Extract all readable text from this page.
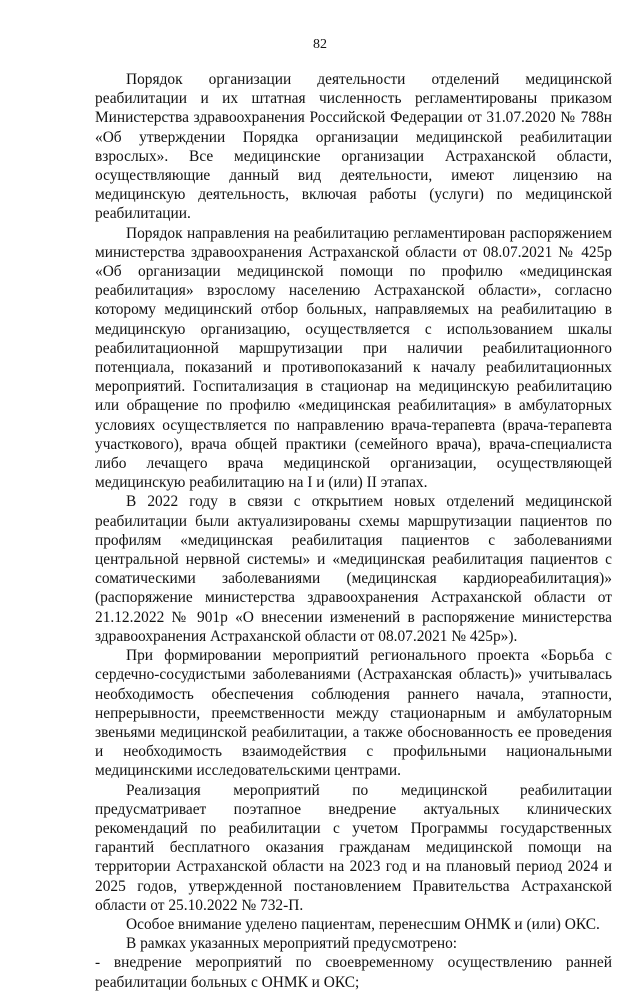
82

Порядок организации деятельности отделений медицинской реабилитации и их штатная численность регламентированы приказом Министерства здравоохранения Российской Федерации от 31.07.2020 № 788н «Об утверждении Порядка организации медицинской реабилитации взрослых». Все медицинские организации Астраханской области, осуществляющие данный вид деятельности, имеют лицензию на медицинскую деятельность, включая работы (услуги) по медицинской реабилитации.

Порядок направления на реабилитацию регламентирован распоряжением министерства здравоохранения Астраханской области от 08.07.2021 № 425р «Об организации медицинской помощи по профилю «медицинская реабилитация» взрослому населению Астраханской области», согласно которому медицинский отбор больных, направляемых на реабилитацию в медицинскую организацию, осуществляется с использованием шкалы реабилитационной маршрутизации при наличии реабилитационного потенциала, показаний и противопоказаний к началу реабилитационных мероприятий. Госпитализация в стационар на медицинскую реабилитацию или обращение по профилю «медицинская реабилитация» в амбулаторных условиях осуществляется по направлению врача-терапевта (врача-терапевта участкового), врача общей практики (семейного врача), врача-специалиста либо лечащего врача медицинской организации, осуществляющей медицинскую реабилитацию на I и (или) II этапах.

В 2022 году в связи с открытием новых отделений медицинской реабилитации были актуализированы схемы маршрутизации пациентов по профилям «медицинская реабилитация пациентов с заболеваниями центральной нервной системы» и «медицинская реабилитация пациентов с соматическими заболеваниями (медицинская кардиореабилитация)» (распоряжение министерства здравоохранения Астраханской области от 21.12.2022 № 901р «О внесении изменений в распоряжение министерства здравоохранения Астраханской области от 08.07.2021 № 425р»).

При формировании мероприятий регионального проекта «Борьба с сердечно-сосудистыми заболеваниями (Астраханская область)» учитывалась необходимость обеспечения соблюдения раннего начала, этапности, непрерывности, преемственности между стационарным и амбулаторным звеньями медицинской реабилитации, а также обоснованность ее проведения и необходимость взаимодействия с профильными национальными медицинскими исследовательскими центрами.

Реализация мероприятий по медицинской реабилитации предусматривает поэтапное внедрение актуальных клинических рекомендаций по реабилитации с учетом Программы государственных гарантий бесплатного оказания гражданам медицинской помощи на территории Астраханской области на 2023 год и на плановый период 2024 и 2025 годов, утвержденной постановлением Правительства Астраханской области от 25.10.2022 № 732-П.

Особое внимание уделено пациентам, перенесшим ОНМК и (или) ОКС.

В рамках указанных мероприятий предусмотрено:

- внедрение мероприятий по своевременному осуществлению ранней реабилитации больных с ОНМК и ОКС;
